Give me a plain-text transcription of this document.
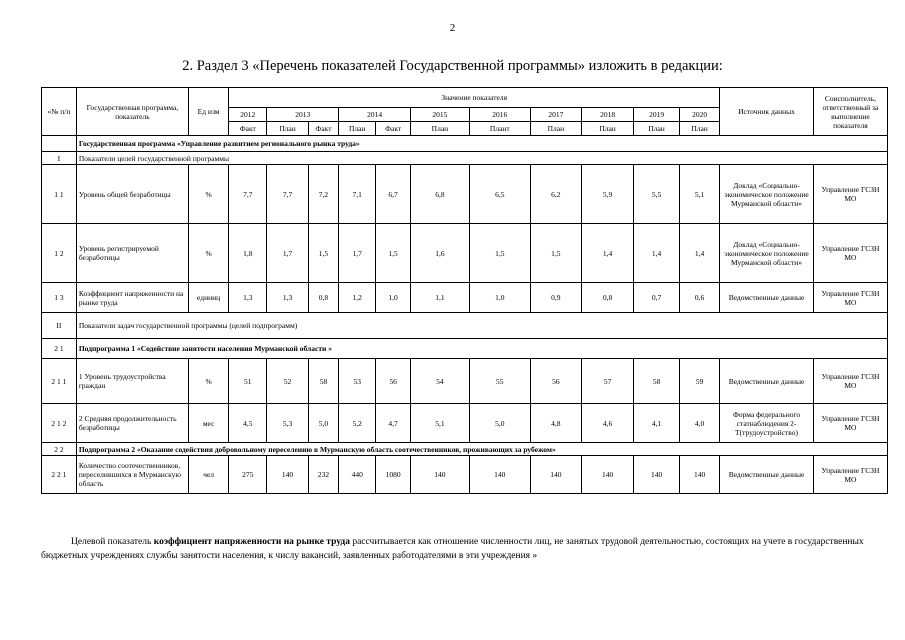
2
2. Раздел 3 «Перечень показателей Государственной программы» изложить в редакции:
«№ п/п	Государственная программа, показатель	Ед изм	Значение показателя											Источник данных	Соисполнитель, ответственный за выполнение показателя
			2012	2013		2014		2015	2016	2017	2018	2019	2020		
			Факт	План	Факт	План	Факт	План	Плант	План	План	План	План		
	Государственная программа «Управление развитием регионального рынка труда»														
I	Показатели целей государственной программы														
1 1	Уровень общей безработицы	%	7,7	7,7	7,2	7,1	6,7	6,8	6,5	6,2	5,9	5,5	5,1	Доклад «Социально-экономическое положение Мурманской области»	Управление ГСЗН МО
1 2	Уровень регистрируемой безработицы	%	1,8	1,7	1,5	1,7	1,5	1,6	1,5	1,5	1,4	1,4	1,4	Доклад «Социально-экономическое положение Мурманской области»	Управление ГСЗН МО
1 3	Коэффициент напряженности на рынке труда	единиц	1,3	1,3	0,8	1,2	1,0	1,1	1,0	0,9	0,8	0,7	0,6	Ведомственные данные	Управление ГСЗН МО
II	Показатели задач государственной программы (целей подпрограмм)														
2 1	Подпрограмма 1 «Содействие занятости населения Мурманской области »														
2 1 1	1 Уровень трудоустройства граждан	%	51	52	58	53	56	54	55	56	57	58	59	Ведомственные данные	Управление ГСЗН МО
2 1 2	2 Средняя продолжительность безработицы	мес	4,5	5,3	5,0	5,2	4,7	5,1	5,0	4,8	4,6	4,1	4,0	Форма федерального статнаблюдения 2-Т(трудоустройство)	Управление ГСЗН МО
2 2	Подпрограмма 2 «Оказание содействия добровольному переселению в Мурманскую область соотечественников, проживающих за рубежом»														
2 2 1	Количество соотечественников, переселившихся в Мурманскую область	чел	275	140	232	440	1080	140	140	140	140	140	140	Ведомственные данные	Управление ГСЗН МО
Целевой показатель коэффициент напряженности на рынке труда рассчитывается как отношение численности лиц, не занятых трудовой деятельностью, состоящих на учете в государственных бюджетных учреждениях службы занятости населения, к числу вакансий, заявленных работодателями в эти учреждения »
